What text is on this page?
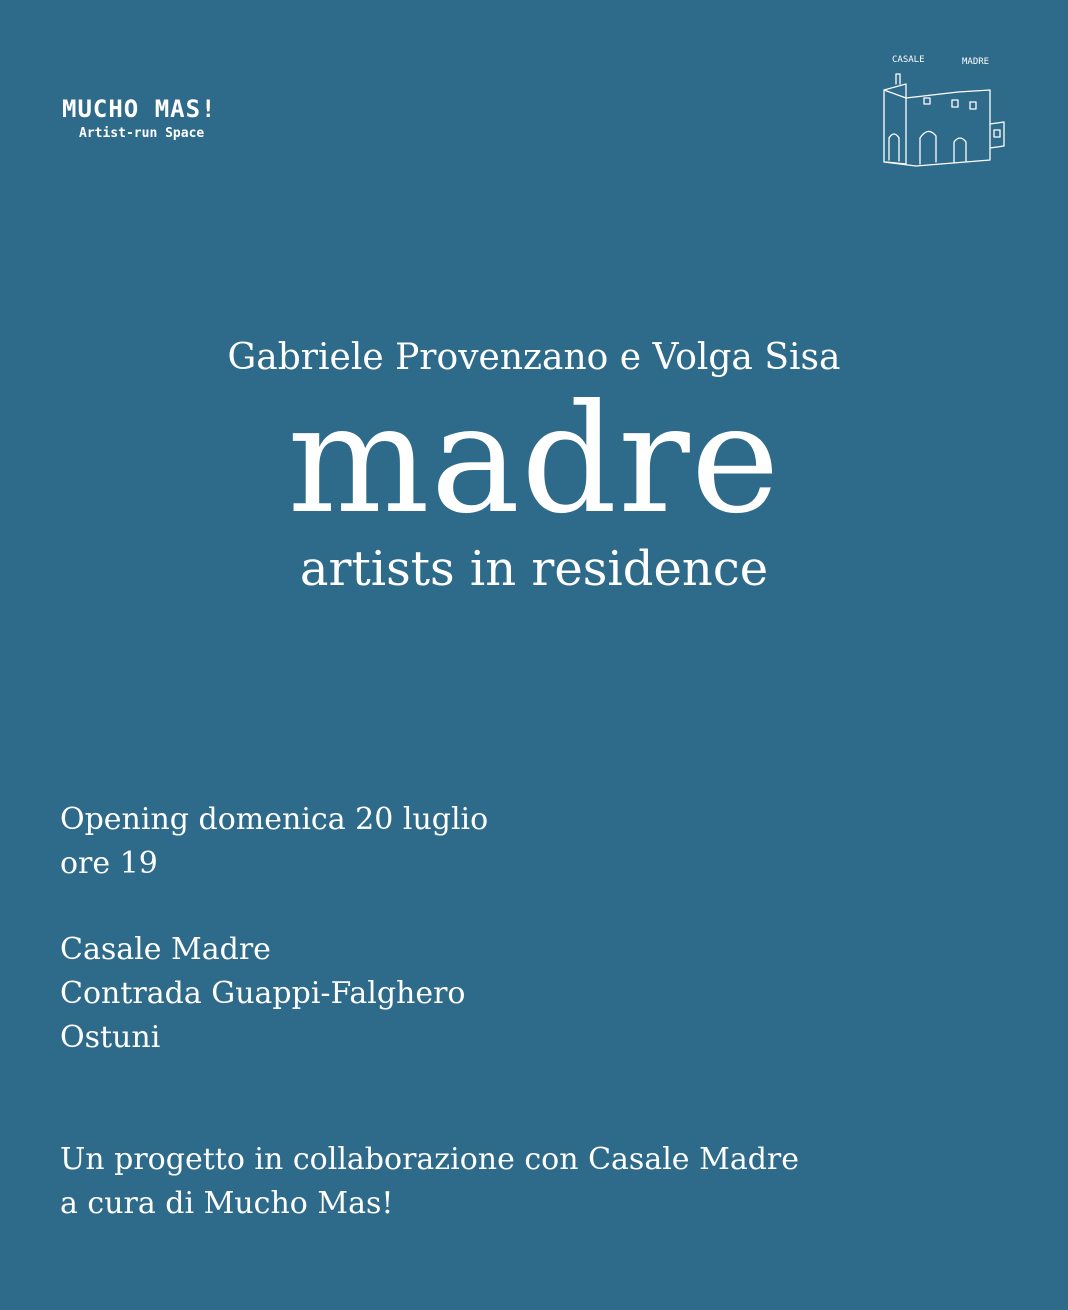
MUCHO MAS!
Artist-run Space
CASALE	MADRE
Gabriele Provenzano e Volga Sisa
madre
artists in residence
Opening domenica 20 luglio
ore 19
Casale Madre
Contrada Guappi-Falghero
Ostuni
Un progetto in collaborazione con Casale Madre
a cura di Mucho Mas!
